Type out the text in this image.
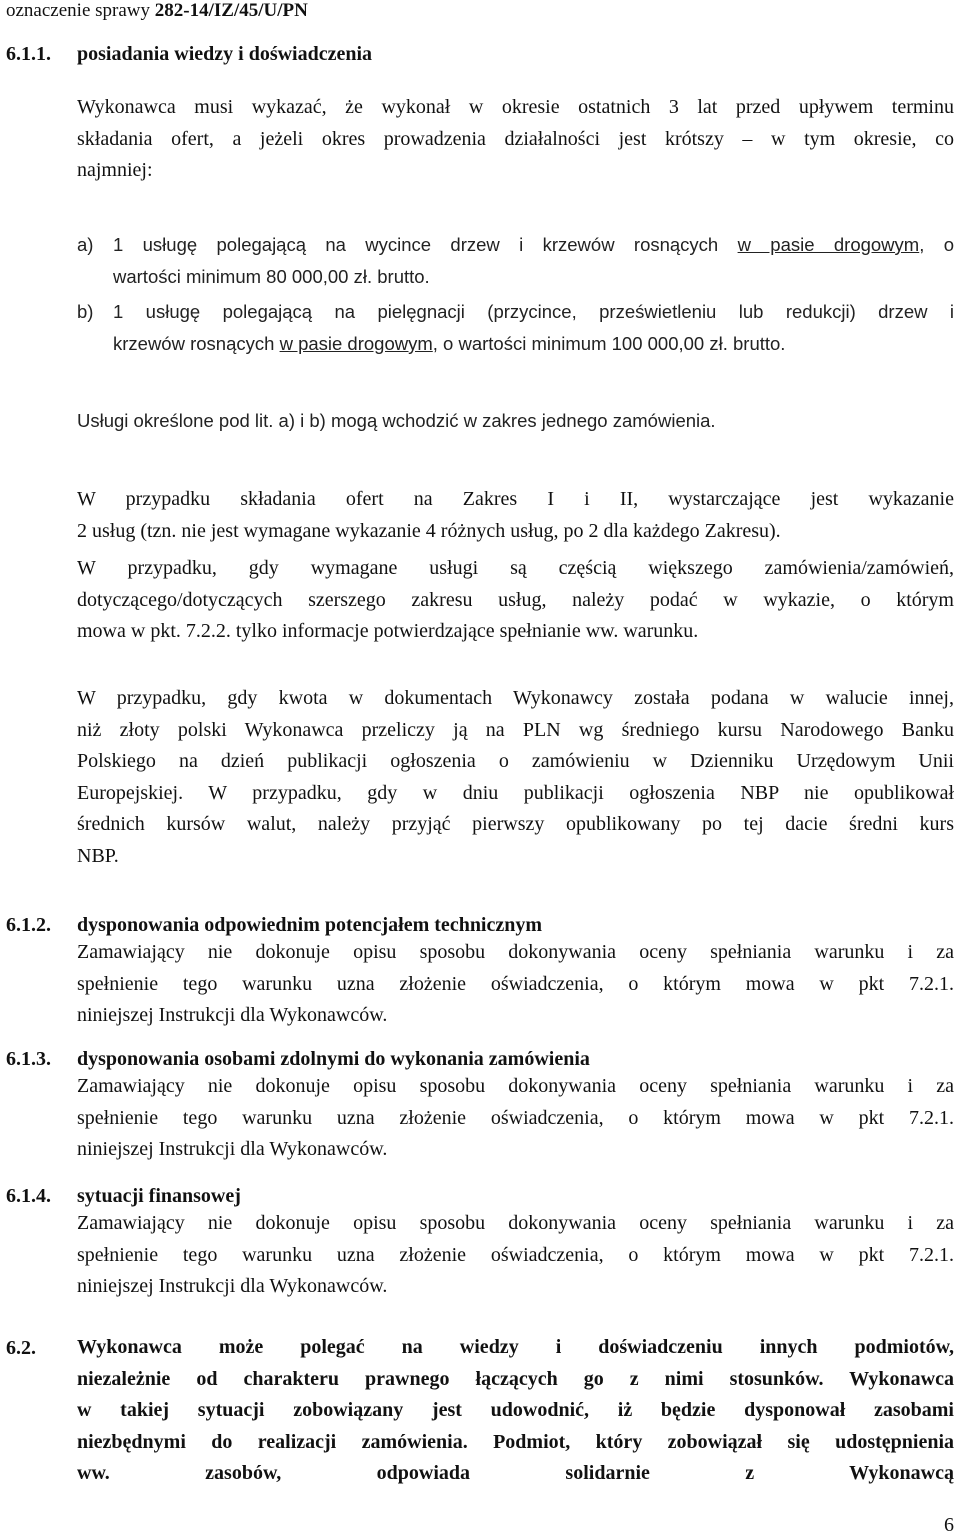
oznaczenie sprawy 282-14/IZ/45/U/PN
6.1.1. posiadania wiedzy i doświadczenia
Wykonawca musi wykazać, że wykonał w okresie ostatnich 3 lat przed upływem terminu
składania ofert, a jeżeli okres prowadzenia działalności jest krótszy – w tym okresie, co
najmniej:
a) 1 usługę polegającą na wycince drzew i krzewów rosnących w pasie drogowym, o
wartości minimum 80 000,00 zł. brutto.
b) 1 usługę polegającą na pielęgnacji (przycince, prześwietleniu lub redukcji) drzew i
krzewów rosnących w pasie drogowym, o wartości minimum 100 000,00 zł. brutto.
Usługi określone pod lit. a) i b) mogą wchodzić w zakres jednego zamówienia.
W przypadku składania ofert na Zakres I i II, wystarczające jest wykazanie
2 usług (tzn. nie jest wymagane wykazanie 4 różnych usług, po 2 dla każdego Zakresu).
W przypadku, gdy wymagane usługi są częścią większego zamówienia/zamówień,
dotyczącego/dotyczących szerszego zakresu usług, należy podać w wykazie, o którym
mowa w pkt. 7.2.2. tylko informacje potwierdzające spełnianie ww. warunku.
W przypadku, gdy kwota w dokumentach Wykonawcy została podana w walucie innej,
niż złoty polski Wykonawca przeliczy ją na PLN wg średniego kursu Narodowego Banku
Polskiego na dzień publikacji ogłoszenia o zamówieniu w Dzienniku Urzędowym Unii
Europejskiej. W przypadku, gdy w dniu publikacji ogłoszenia NBP nie opublikował
średnich kursów walut, należy przyjąć pierwszy opublikowany po tej dacie średni kurs
NBP.
6.1.2. dysponowania odpowiednim potencjałem technicznym
Zamawiający nie dokonuje opisu sposobu dokonywania oceny spełniania warunku i za
spełnienie tego warunku uzna złożenie oświadczenia, o którym mowa w pkt 7.2.1.
niniejszej Instrukcji dla Wykonawców.
6.1.3. dysponowania osobami zdolnymi do wykonania zamówienia
Zamawiający nie dokonuje opisu sposobu dokonywania oceny spełniania warunku i za
spełnienie tego warunku uzna złożenie oświadczenia, o którym mowa w pkt 7.2.1.
niniejszej Instrukcji dla Wykonawców.
6.1.4. sytuacji finansowej
Zamawiający nie dokonuje opisu sposobu dokonywania oceny spełniania warunku i za
spełnienie tego warunku uzna złożenie oświadczenia, o którym mowa w pkt 7.2.1.
niniejszej Instrukcji dla Wykonawców.
6.2. Wykonawca może polegać na wiedzy i doświadczeniu innych podmiotów,
niezależnie od charakteru prawnego łączących go z nimi stosunków. Wykonawca
w takiej sytuacji zobowiązany jest udowodnić, iż będzie dysponował zasobami
niezbędnymi do realizacji zamówienia. Podmiot, który zobowiązał się udostępnienia
ww. zasobów, odpowiada solidarnie z Wykonawcą
6
